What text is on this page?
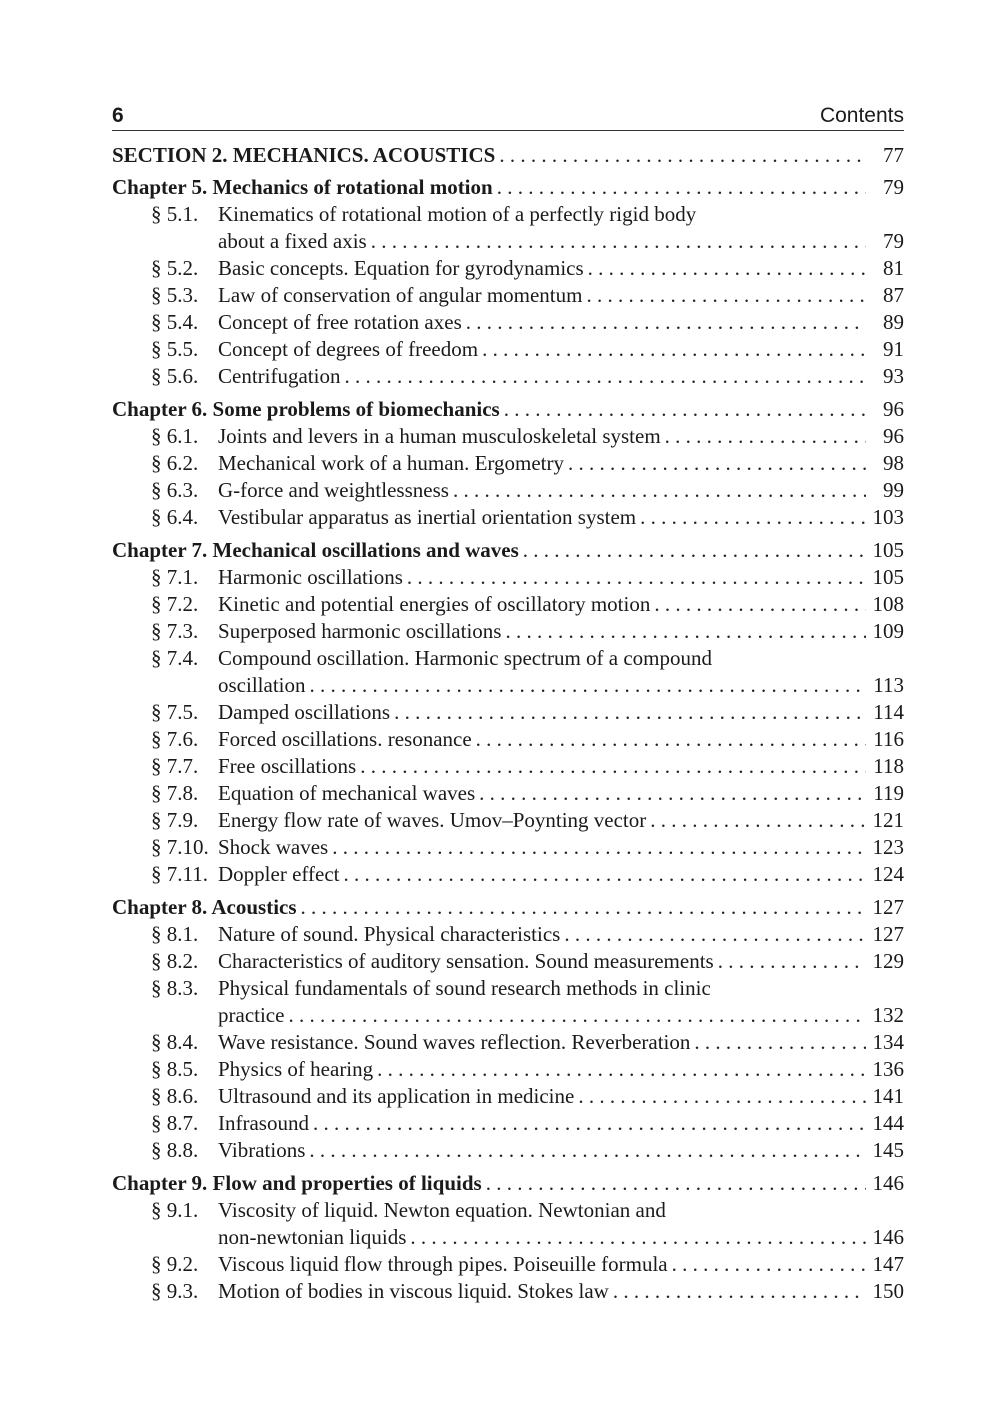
6	Contents
SECTION 2. MECHANICS. ACOUSTICS . . .	77
Chapter 5. Mechanics of rotational motion . . .	79
§ 5.1. Kinematics of rotational motion of a perfectly rigid body
about a fixed axis . . .	79
§ 5.2. Basic concepts. Equation for gyrodynamics . . .	81
§ 5.3. Law of conservation of angular momentum . . .	87
§ 5.4. Concept of free rotation axes . . .	89
§ 5.5. Concept of degrees of freedom . . .	91
§ 5.6. Centrifugation . . .	93
Chapter 6. Some problems of biomechanics . . .	96
§ 6.1. Joints and levers in a human musculoskeletal system . . .	96
§ 6.2. Mechanical work of a human. Ergometry . . .	98
§ 6.3. G-force and weightlessness . . .	99
§ 6.4. Vestibular apparatus as inertial orientation system . . .	103
Chapter 7. Mechanical oscillations and waves . . .	105
§ 7.1. Harmonic oscillations . . .	105
§ 7.2. Kinetic and potential energies of oscillatory motion . . .	108
§ 7.3. Superposed harmonic oscillations . . .	109
§ 7.4. Compound oscillation. Harmonic spectrum of a compound
oscillation . . .	113
§ 7.5. Damped oscillations . . .	114
§ 7.6. Forced oscillations. resonance . . .	116
§ 7.7. Free oscillations . . .	118
§ 7.8. Equation of mechanical waves . . .	119
§ 7.9. Energy flow rate of waves. Umov–Poynting vector . . .	121
§ 7.10. Shock waves . . .	123
§ 7.11. Doppler effect . . .	124
Chapter 8. Acoustics . . .	127
§ 8.1. Nature of sound. Physical characteristics . . .	127
§ 8.2. Characteristics of auditory sensation. Sound measurements . . .	129
§ 8.3. Physical fundamentals of sound research methods in clinic
practice . . .	132
§ 8.4. Wave resistance. Sound waves reflection. Reverberation . . .	134
§ 8.5. Physics of hearing . . .	136
§ 8.6. Ultrasound and its application in medicine . . .	141
§ 8.7. Infrasound . . .	144
§ 8.8. Vibrations . . .	145
Chapter 9. Flow and properties of liquids . . .	146
§ 9.1. Viscosity of liquid. Newton equation. Newtonian and
non-newtonian liquids . . .	146
§ 9.2. Viscous liquid flow through pipes. Poiseuille formula . . .	147
§ 9.3. Motion of bodies in viscous liquid. Stokes law . . .	150
